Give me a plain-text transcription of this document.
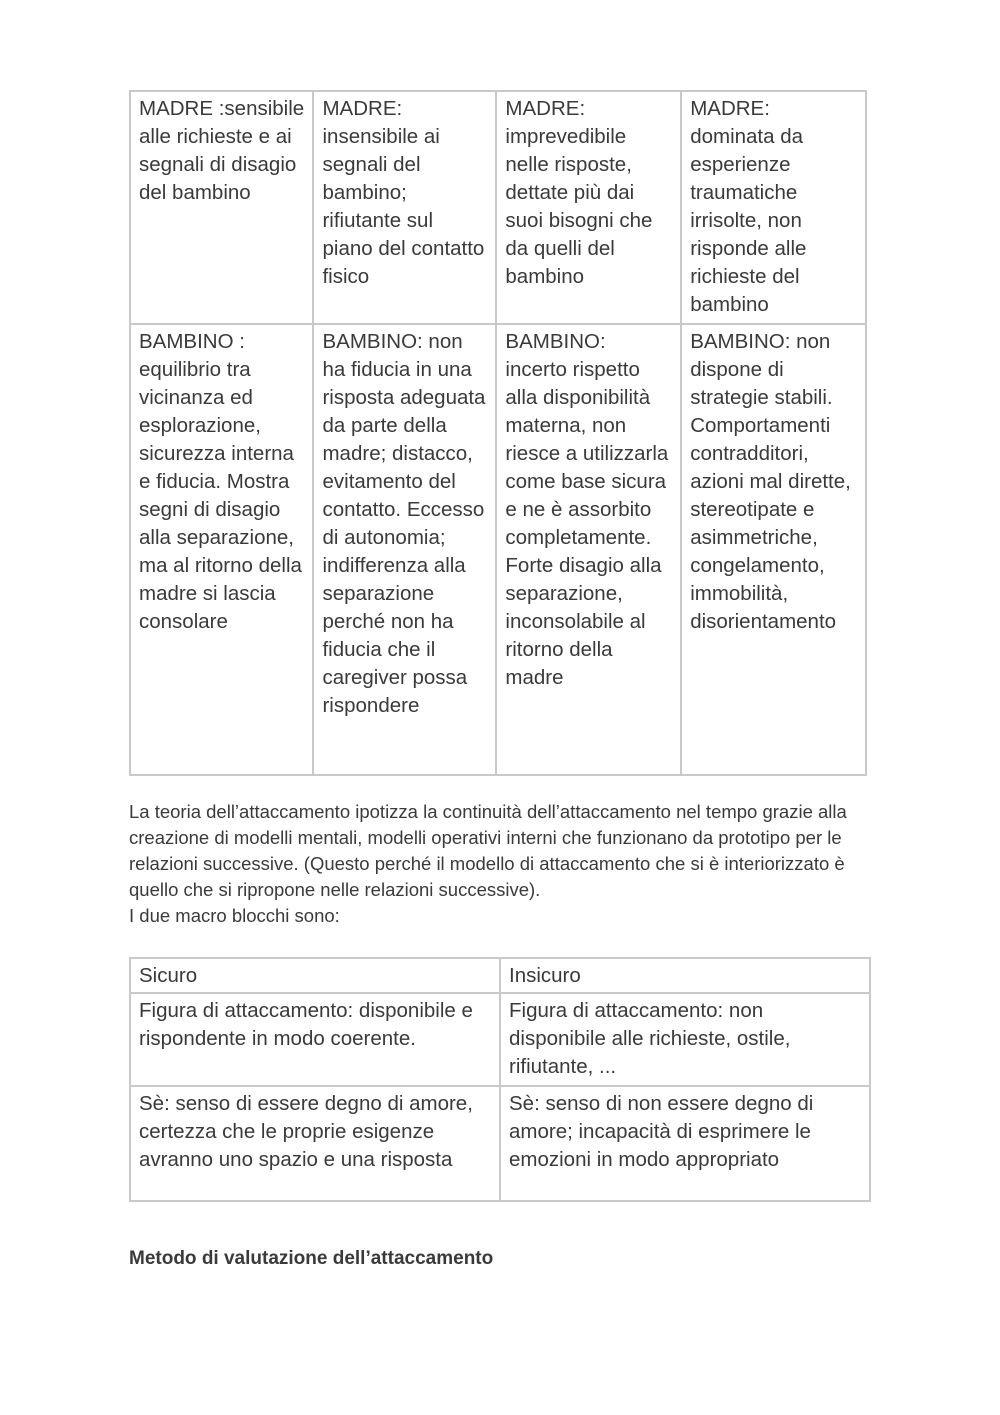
MADRE :sensibile alle richieste e ai segnali di disagio del bambino	MADRE: insensibile ai segnali del bambino; rifiutante sul piano del contatto fisico	MADRE: imprevedibile nelle risposte, dettate più dai suoi bisogni che da quelli del bambino	MADRE: dominata da esperienze traumatiche irrisolte, non risponde alle richieste del bambino
BAMBINO : equilibrio tra vicinanza ed esplorazione, sicurezza interna e fiducia. Mostra segni di disagio alla separazione, ma al ritorno della madre si lascia consolare	BAMBINO: non ha fiducia in una risposta adeguata da parte della madre; distacco, evitamento del contatto. Eccesso di autonomia; indifferenza alla separazione perché non ha fiducia che il caregiver possa rispondere	BAMBINO: incerto rispetto alla disponibilità materna, non riesce a utilizzarla come base sicura e ne è assorbito completamente. Forte disagio alla separazione, inconsolabile al ritorno della madre	BAMBINO: non dispone di strategie stabili. Comportamenti contradditori, azioni mal dirette, stereotipate e asimmetriche, congelamento, immobilità, disorientamento

La teoria dell’attaccamento ipotizza la continuità dell’attaccamento nel tempo grazie alla creazione di modelli mentali, modelli operativi interni che funzionano da prototipo per le relazioni successive. (Questo perché il modello di attaccamento che si è interiorizzato è quello che si ripropone nelle relazioni successive).

I due macro blocchi sono:

Sicuro	Insicuro
Figura di attaccamento: disponibile e rispondente in modo coerente.	Figura di attaccamento: non disponibile alle richieste, ostile, rifiutante, ...
Sè: senso di essere degno di amore, certezza che le proprie esigenze avranno uno spazio e una risposta	Sè: senso di non essere degno di amore; incapacità di esprimere le emozioni in modo appropriato
Metodo di valutazione dell’attaccamento
